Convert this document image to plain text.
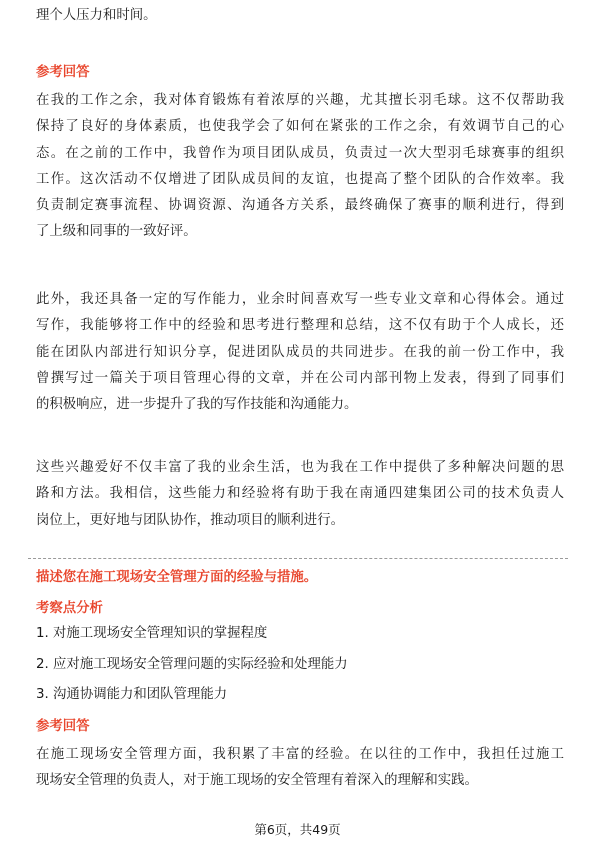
理个人压力和时间。

参考回答

在我的工作之余，我对体育锻炼有着浓厚的兴趣，尤其擅长羽毛球。这不仅帮助我
保持了良好的身体素质，也使我学会了如何在紧张的工作之余，有效调节自己的心
态。在之前的工作中，我曾作为项目团队成员，负责过一次大型羽毛球赛事的组织
工作。这次活动不仅增进了团队成员间的友谊，也提高了整个团队的合作效率。我
负责制定赛事流程、协调资源、沟通各方关系，最终确保了赛事的顺利进行，得到
了上级和同事的一致好评。

此外，我还具备一定的写作能力，业余时间喜欢写一些专业文章和心得体会。通过
写作，我能够将工作中的经验和思考进行整理和总结，这不仅有助于个人成长，还
能在团队内部进行知识分享，促进团队成员的共同进步。在我的前一份工作中，我
曾撰写过一篇关于项目管理心得的文章，并在公司内部刊物上发表，得到了同事们
的积极响应，进一步提升了我的写作技能和沟通能力。

这些兴趣爱好不仅丰富了我的业余生活，也为我在工作中提供了多种解决问题的思
路和方法。我相信，这些能力和经验将有助于我在南通四建集团公司的技术负责人
岗位上，更好地与团队协作，推动项目的顺利进行。

描述您在施工现场安全管理方面的经验与措施。
考察点分析
1. 对施工现场安全管理知识的掌握程度
2. 应对施工现场安全管理问题的实际经验和处理能力
3. 沟通协调能力和团队管理能力
参考回答

在施工现场安全管理方面，我积累了丰富的经验。在以往的工作中，我担任过施工
现场安全管理的负责人，对于施工现场的安全管理有着深入的理解和实践。

第6页，共49页
